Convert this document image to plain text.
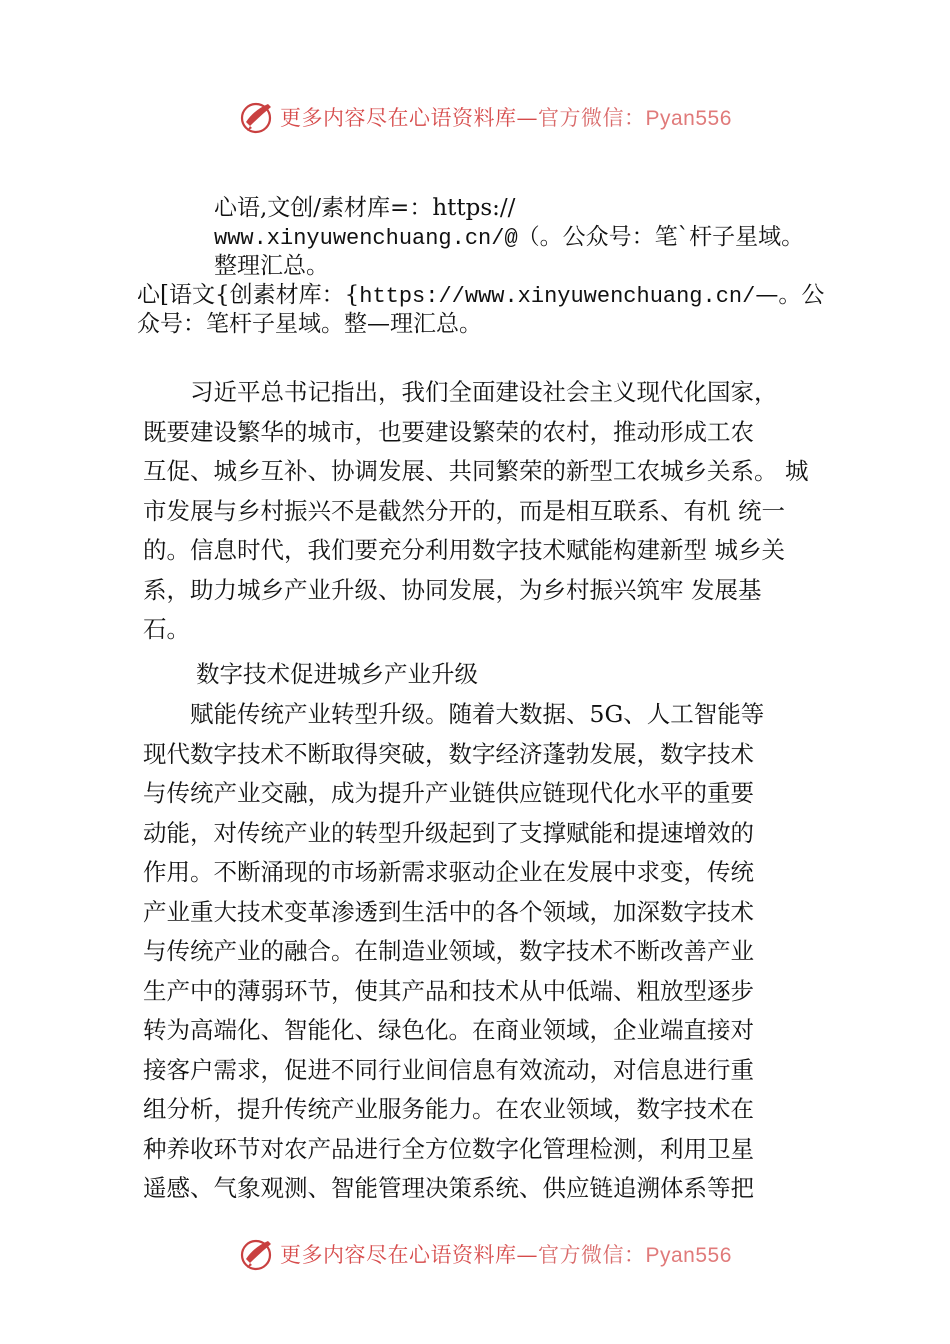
更多内容尽在心语资料库—官方微信：Pyan556
心语,文创/素材库=：https://
www.xinyuwenchuang.cn/@（。公众号：笔`杆子星域。
整理汇总。
心[语文{创素材库：{https://www.xinyuwenchuang.cn/—。公
众号：笔杆子星域。整—理汇总。
　　习近平总书记指出，我们全面建设社会主义现代化国家，
既要建设繁华的城市，也要建设繁荣的农村，推动形成工农
互促、城乡互补、协调发展、共同繁荣的新型工农城乡关系。 城
市发展与乡村振兴不是截然分开的，而是相互联系、有机 统一
的。信息时代，我们要充分利用数字技术赋能构建新型 城乡关
系，助力城乡产业升级、协同发展，为乡村振兴筑牢 发展基
石。
数字技术促进城乡产业升级
　　赋能传统产业转型升级。随着大数据、5G、人工智能等
现代数字技术不断取得突破，数字经济蓬勃发展，数字技术
与传统产业交融，成为提升产业链供应链现代化水平的重要
动能，对传统产业的转型升级起到了支撑赋能和提速增效的
作用。不断涌现的市场新需求驱动企业在发展中求变，传统
产业重大技术变革渗透到生活中的各个领域，加深数字技术
与传统产业的融合。在制造业领域，数字技术不断改善产业
生产中的薄弱环节，使其产品和技术从中低端、粗放型逐步
转为高端化、智能化、绿色化。在商业领域，企业端直接对
接客户需求，促进不同行业间信息有效流动，对信息进行重
组分析，提升传统产业服务能力。在农业领域，数字技术在
种养收环节对农产品进行全方位数字化管理检测，利用卫星
遥感、气象观测、智能管理决策系统、供应链追溯体系等把
更多内容尽在心语资料库—官方微信：Pyan556
